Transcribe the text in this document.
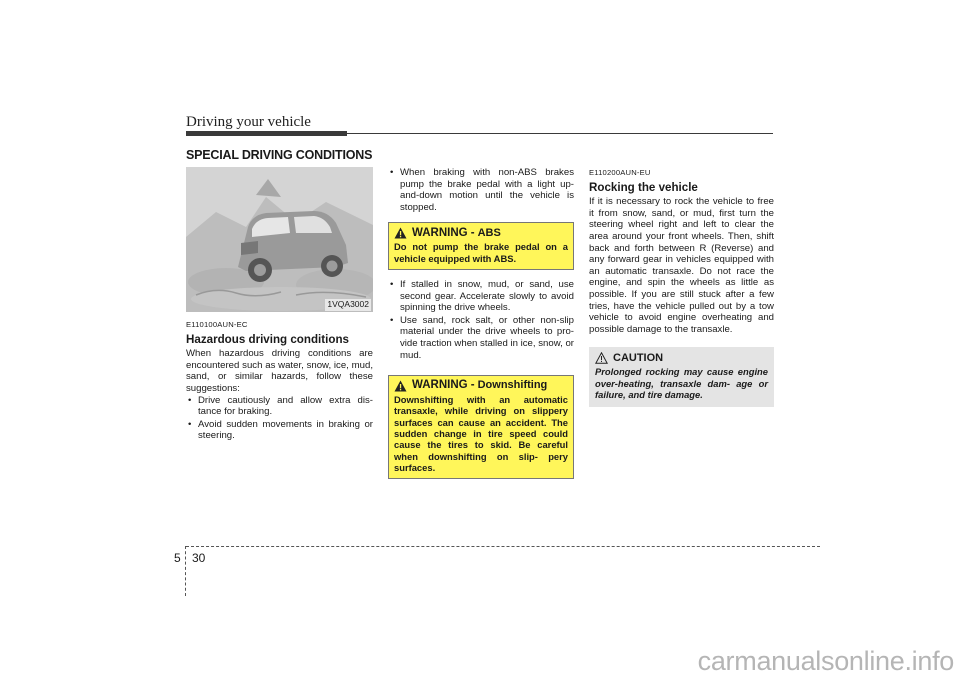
Driving your vehicle
SPECIAL DRIVING CONDITIONS
1VQA3002
E110100AUN-EC
Hazardous driving conditions

When hazardous driving conditions are encountered such as water, snow, ice, mud, sand, or similar hazards, follow these suggestions:

• Drive cautiously and allow extra dis- tance for braking.
• Avoid sudden movements in braking or steering.
• When braking with non-ABS brakes pump the brake pedal with a light up- and-down motion until the vehicle is stopped.
WARNING - ABS
Do not pump the brake pedal on a vehicle equipped with ABS.
• If stalled in snow, mud, or sand, use second gear. Accelerate slowly to avoid spinning the drive wheels.
• Use sand, rock salt, or other non-slip material under the drive wheels to pro- vide traction when stalled in ice, snow, or mud.
WARNING - Downshifting
Downshifting with an automatic transaxle, while driving on slippery surfaces can cause an accident. The sudden change in tire speed could cause the tires to skid. Be careful when downshifting on slip- pery surfaces.
E110200AUN-EU
Rocking the vehicle

If it is necessary to rock the vehicle to free it from snow, sand, or mud, first turn the steering wheel right and left to clear the area around your front wheels. Then, shift back and forth between R (Reverse) and any forward gear in vehicles equipped with an automatic transaxle. Do not race the engine, and spin the wheels as little as possible. If you are still stuck after a few tries, have the vehicle pulled out by a tow vehicle to avoid engine overheating and possible damage to the transaxle.

CAUTION
Prolonged rocking may cause engine over-heating, transaxle dam- age or failure, and tire damage.
5 30
carmanualsonline.info
